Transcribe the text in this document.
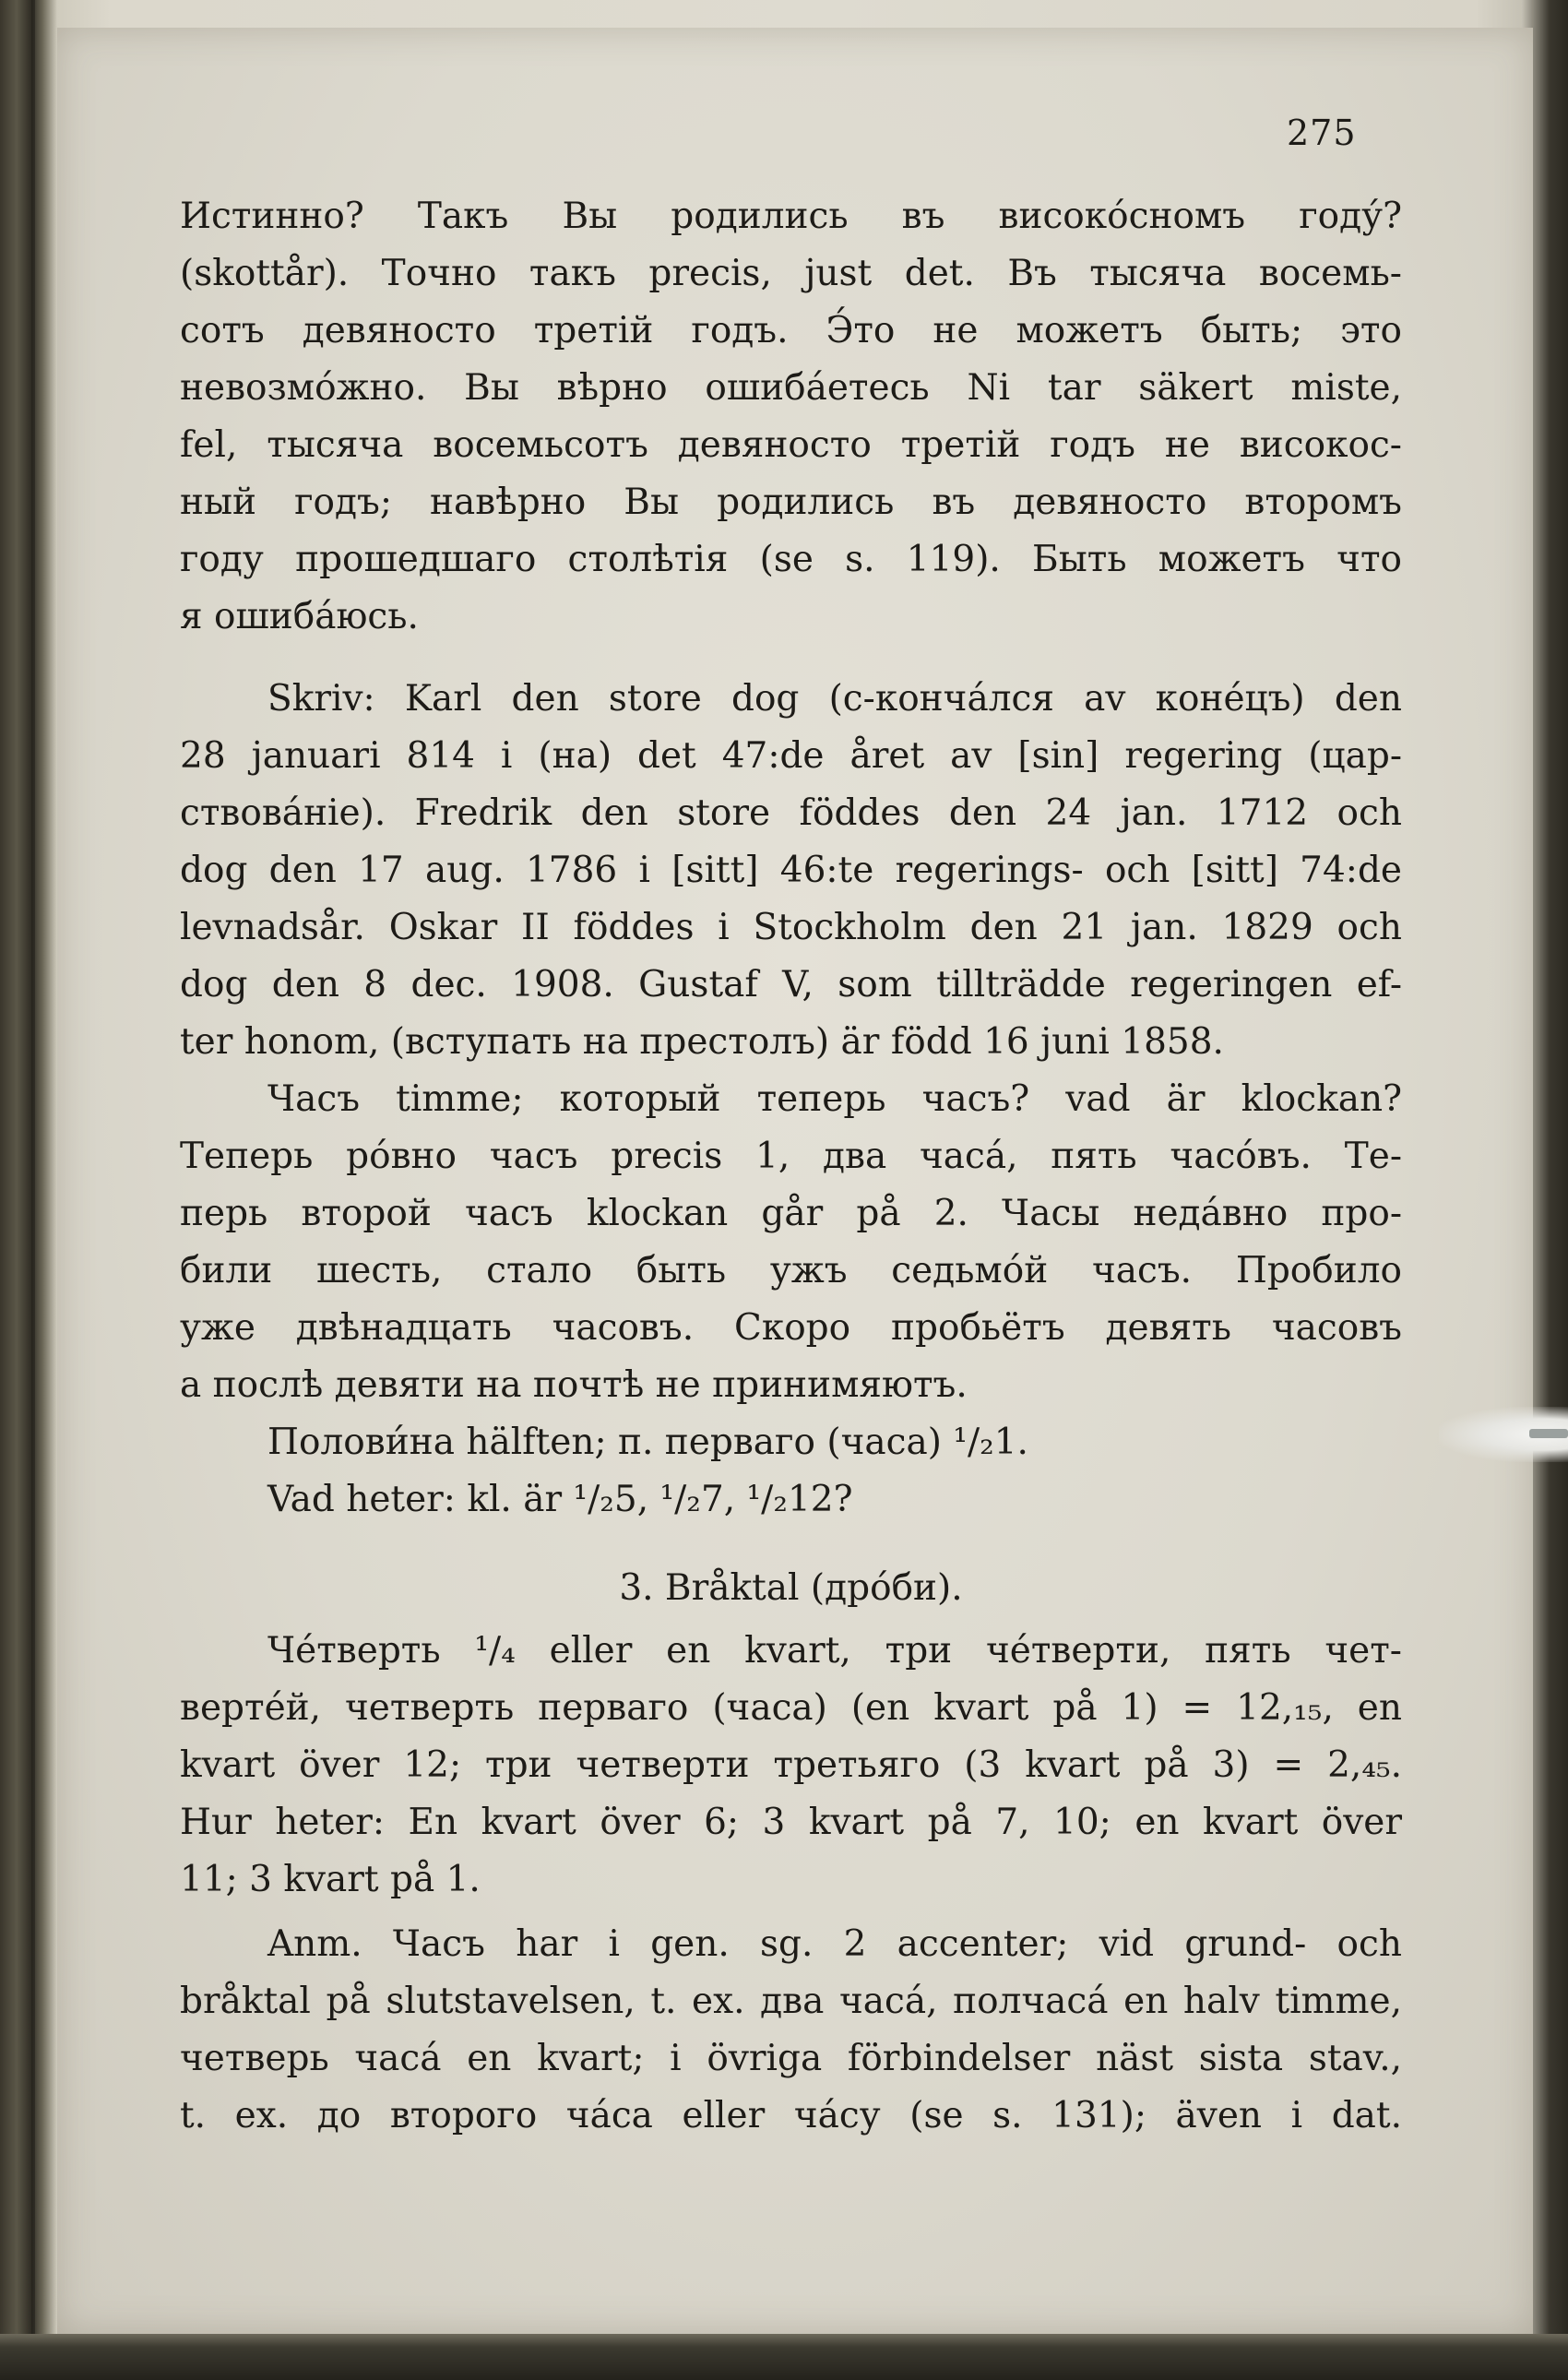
275
Истинно? Такъ Вы родились въ високо́сномъ году́?
(skottår). Точно такъ precis, just det. Въ тысяча восемь-
сотъ девяносто третій годъ. Э́то не можетъ быть; это
невозмо́жно. Вы вѣрно ошиба́етесь Ni tar säkert miste,
fel, тысяча восемьсотъ девяносто третій годъ не високос-
ный годъ; навѣрно Вы родились въ девяносто второмъ
году прошедшаго столѣтія (se s. 119). Быть можетъ что
я ошиба́юсь.
Skriv: Karl den store dog (с-конча́лся av коне́цъ) den
28 januari 814 i (на) det 47:de året av [sin] regering (цар-
ствова́ніе). Fredrik den store föddes den 24 jan. 1712 och
dog den 17 aug. 1786 i [sitt] 46:te regerings- och [sitt] 74:de
levnadsår. Oskar II föddes i Stockholm den 21 jan. 1829 och
dog den 8 dec. 1908. Gustaf V, som tillträdde regeringen ef-
ter honom, (вступать на престолъ) är född 16 juni 1858.
Часъ timme; который теперь часъ? vad är klockan?
Теперь ро́вно часъ precis 1, два часа́, пять часо́въ. Те-
перь второй часъ klockan går på 2. Часы неда́вно про-
били шесть, стало быть ужъ седьмо́й часъ. Пробило
уже двѣнадцать часовъ. Скоро пробьётъ девять часовъ
а послѣ девяти на почтѣ не принимяютъ.
Полови́на hälften; п. перваго (часа) ¹/₂1.
Vad heter: kl. är ¹/₂5, ¹/₂7, ¹/₂12?
3. Bråktal (дро́би).
Че́тверть ¹/₄ eller en kvart, три че́тверти, пять чет-
верте́й, четверть перваго (часа) (en kvart på 1) = 12,₁₅, en
kvart över 12; три четверти третьяго (3 kvart på 3) = 2,₄₅.
Hur heter: En kvart över 6; 3 kvart på 7, 10; en kvart över
11; 3 kvart på 1.
Anm. Часъ har i gen. sg. 2 accenter; vid grund- och
bråktal på slutstavelsen, t. ex. два часа́, полчаса́ en halv timme,
четверь часа́ en kvart; i övriga förbindelser näst sista stav.,
t. ex. до второго ча́са eller ча́су (se s. 131); även i dat.
